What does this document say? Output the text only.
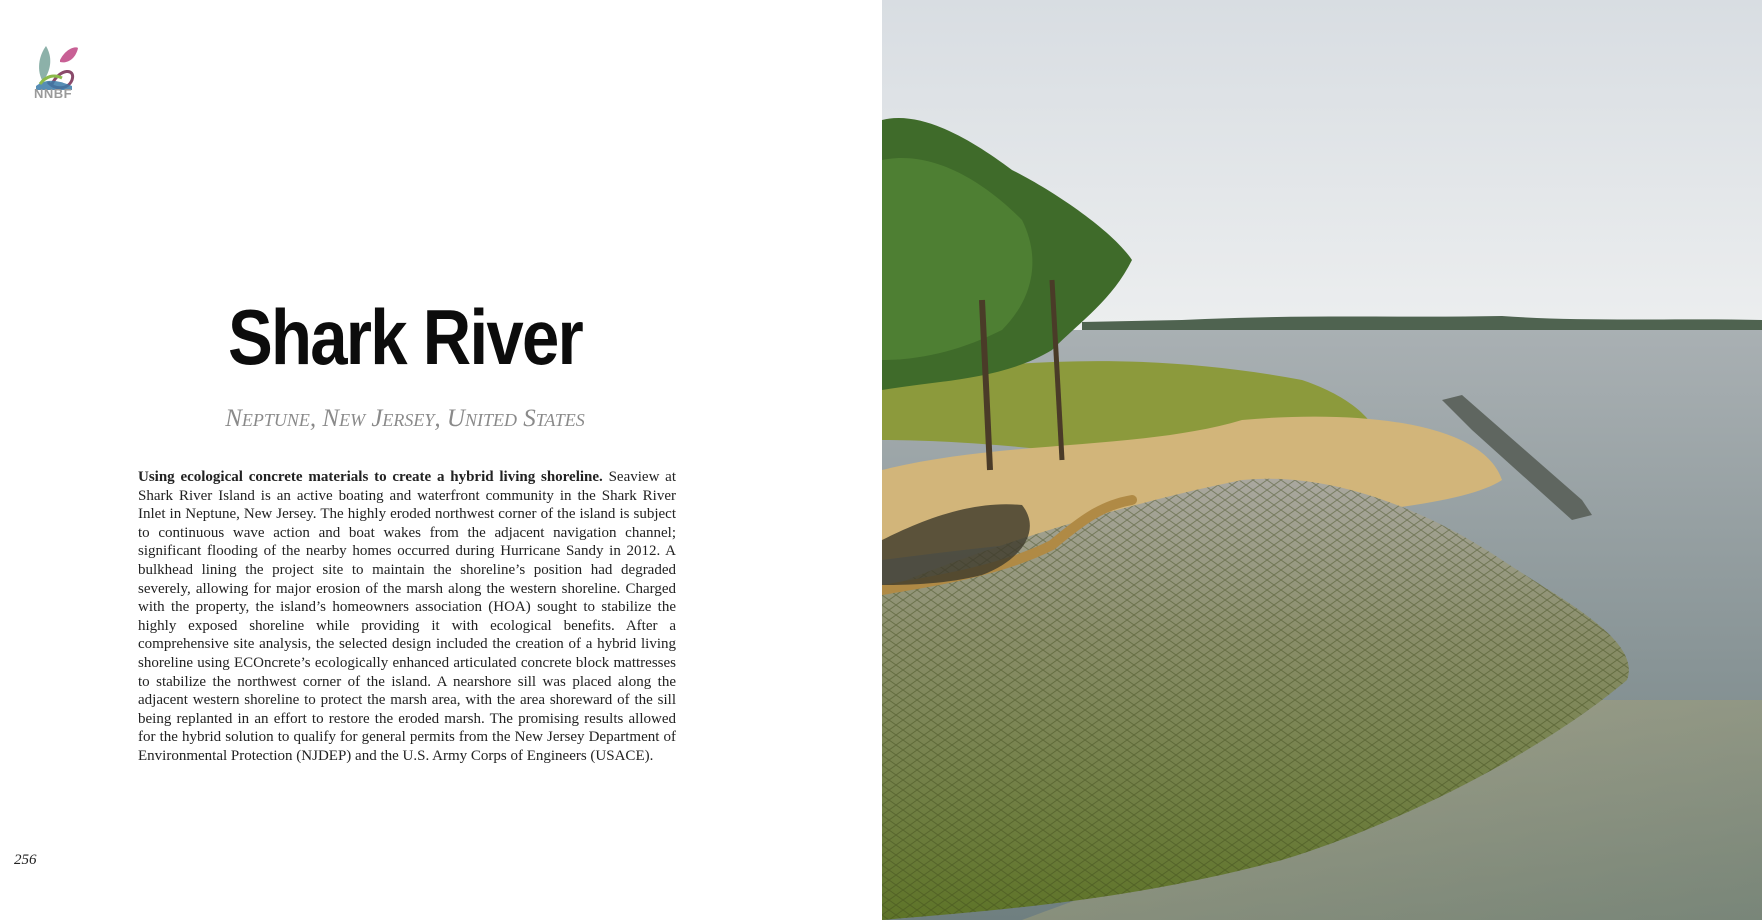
NNBF
Shark River
Neptune, New Jersey, United States
Using ecological concrete materials to create a hybrid living shoreline. Seaview at Shark River Island is an active boating and waterfront community in the Shark River Inlet in Neptune, New Jersey. The highly eroded northwest corner of the island is subject to continuous wave action and boat wakes from the adjacent navigation channel; significant flooding of the nearby homes occurred during Hurricane Sandy in 2012. A bulkhead lining the project site to maintain the shoreline’s position had degraded severely, allowing for major erosion of the marsh along the western shoreline. Charged with the property, the island’s homeowners association (HOA) sought to stabilize the highly exposed shoreline while providing it with ecological benefits. After a comprehensive site analysis, the selected design included the creation of a hybrid living shoreline using ECOncrete’s ecologically enhanced articulated concrete block mattresses to stabilize the northwest corner of the island. A nearshore sill was placed along the adjacent western shoreline to protect the marsh area, with the area shoreward of the sill being replanted in an effort to restore the eroded marsh. The promising results allowed for the hybrid solution to qualify for general permits from the New Jersey Department of Environmental Protection (NJDEP) and the U.S. Army Corps of Engineers (USACE).
256
